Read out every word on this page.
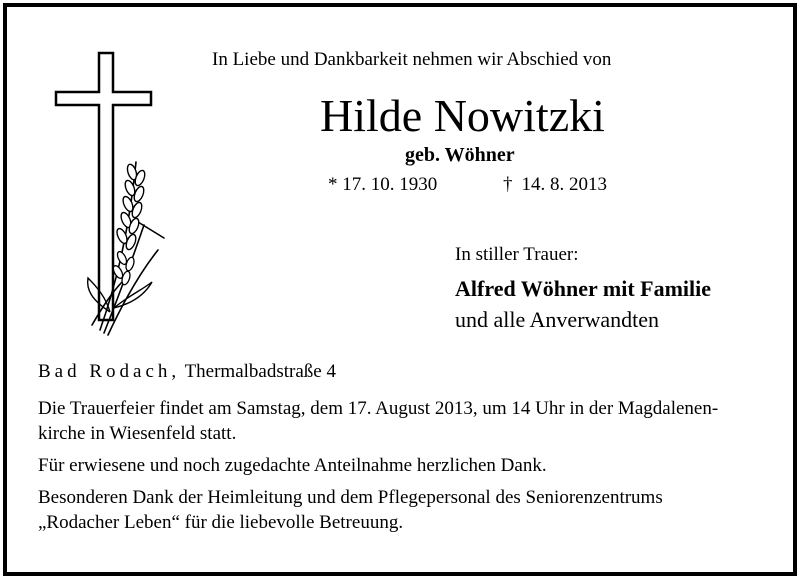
In Liebe und Dankbarkeit nehmen wir Abschied von
Hilde Nowitzki
geb. Wöhner
* 17. 10. 1930	† 14. 8. 2013
In stiller Trauer:
Alfred Wöhner mit Familie
und alle Anverwandten
Bad Rodach, Thermalbadstraße 4
Die Trauerfeier findet am Samstag, dem 17. August 2013, um 14 Uhr in der Magdalenen-
kirche in Wiesenfeld statt.
Für erwiesene und noch zugedachte Anteilnahme herzlichen Dank.
Besonderen Dank der Heimleitung und dem Pflegepersonal des Seniorenzentrums
„Rodacher Leben“ für die liebevolle Betreuung.
